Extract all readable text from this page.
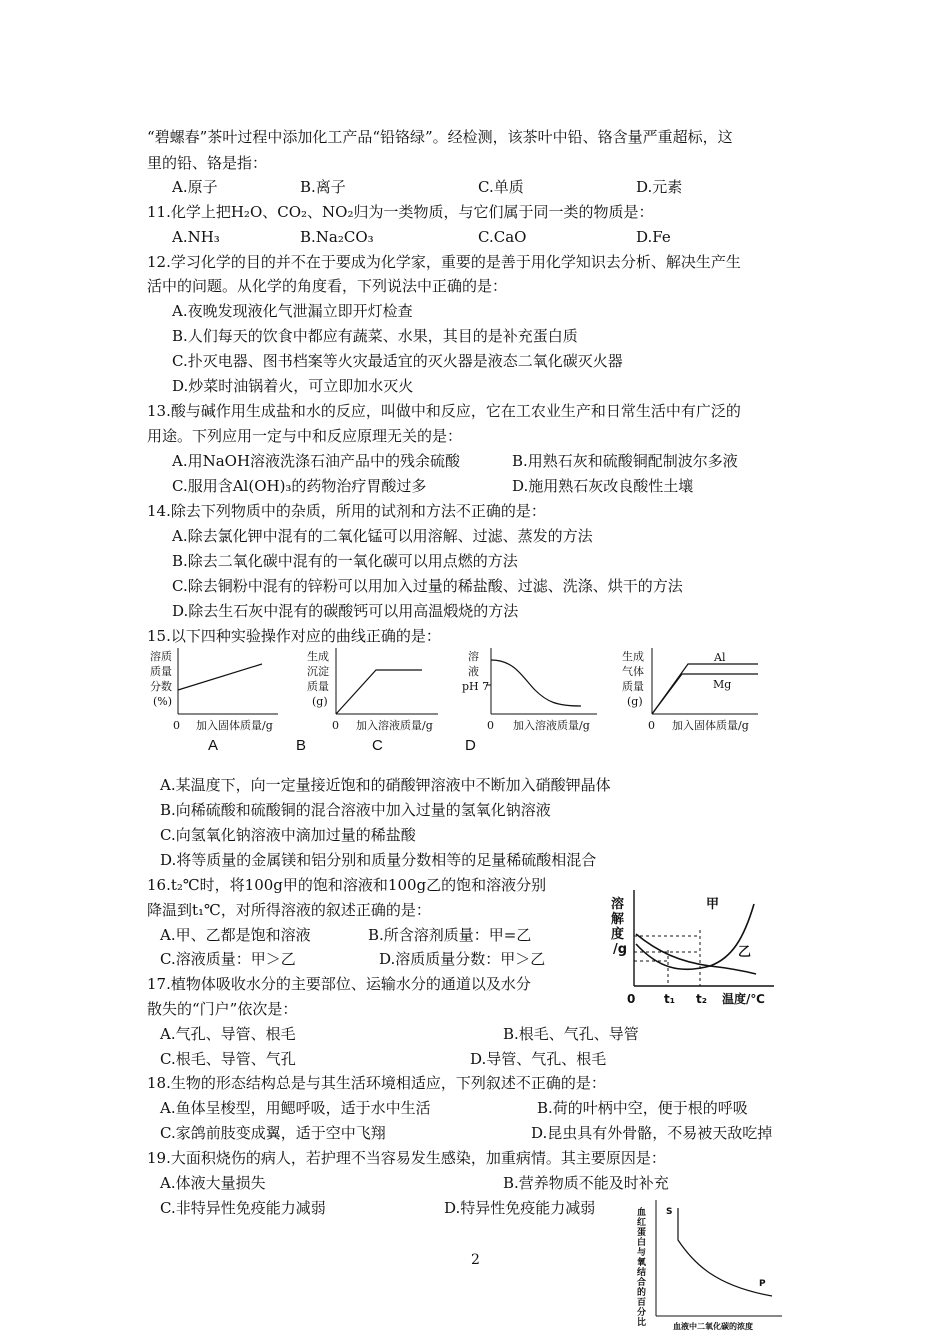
“碧螺春”茶叶过程中添加化工产品“铅铬绿”。经检测，该茶叶中铅、铬含量严重超标，这
里的铅、铬是指：
A.原子	B.离子	C.单质	D.元素
11.化学上把H₂O、CO₂、NO₂归为一类物质，与它们属于同一类的物质是：
A.NH₃	B.Na₂CO₃	C.CaO	D.Fe
12.学习化学的目的并不在于要成为化学家，重要的是善于用化学知识去分析、解决生产生
活中的问题。从化学的角度看，下列说法中正确的是：
A.夜晚发现液化气泄漏立即开灯检查
B.人们每天的饮食中都应有蔬菜、水果，其目的是补充蛋白质
C.扑灭电器、图书档案等火灾最适宜的灭火器是液态二氧化碳灭火器
D.炒菜时油锅着火，可立即加水灭火
13.酸与碱作用生成盐和水的反应，叫做中和反应，它在工农业生产和日常生活中有广泛的
用途。下列应用一定与中和反应原理无关的是：
A.用NaOH溶液洗涤石油产品中的残余硫酸	B.用熟石灰和硫酸铜配制波尔多液
C.服用含Al(OH)₃的药物治疗胃酸过多	D.施用熟石灰改良酸性土壤
14.除去下列物质中的杂质，所用的试剂和方法不正确的是：
A.除去氯化钾中混有的二氧化锰可以用溶解、过滤、蒸发的方法
B.除去二氧化碳中混有的一氧化碳可以用点燃的方法
C.除去铜粉中混有的锌粉可以用加入过量的稀盐酸、过滤、洗涤、烘干的方法
D.除去生石灰中混有的碳酸钙可以用高温煅烧的方法
15.以下四种实验操作对应的曲线正确的是：
溶质
质量
分数
(%)
0 加入固体质量/g
生成
沉淀
质量
(g)
0 加入溶液质量/g
溶
液
pH 7
0 加入溶液质量/g
生成
气体
质量
(g)
Al
Mg
0 加入固体质量/g
A	B	C	D
A.某温度下，向一定量接近饱和的硝酸钾溶液中不断加入硝酸钾晶体
B.向稀硫酸和硫酸铜的混合溶液中加入过量的氢氧化钠溶液
C.向氢氧化钠溶液中滴加过量的稀盐酸
D.将等质量的金属镁和铝分别和质量分数相等的足量稀硫酸相混合
16.t₂℃时，将100g甲的饱和溶液和100g乙的饱和溶液分别
降温到t₁℃，对所得溶液的叙述正确的是：
A.甲、乙都是饱和溶液	B.所含溶剂质量：甲=乙
C.溶液质量：甲＞乙	D.溶质质量分数：甲＞乙
溶
解
度
/g
甲
乙
0 t₁ t₂ 温度/℃
17.植物体吸收水分的主要部位、运输水分的通道以及水分
散失的“门户”依次是：
A.气孔、导管、根毛	B.根毛、气孔、导管
C.根毛、导管、气孔	D.导管、气孔、根毛
18.生物的形态结构总是与其生活环境相适应，下列叙述不正确的是：
A.鱼体呈梭型，用鳃呼吸，适于水中生活	B.荷的叶柄中空，便于根的呼吸
C.家鸽前肢变成翼，适于空中飞翔	D.昆虫具有外骨骼，不易被天敌吃掉
19.大面积烧伤的病人，若护理不当容易发生感染，加重病情。其主要原因是：
A.体液大量损失	B.营养物质不能及时补充
C.非特异性免疫能力减弱	D.特异性免疫能力减弱	血红蛋白与氧结合的百分比
S
P
血液中二氧化碳的浓度
2
